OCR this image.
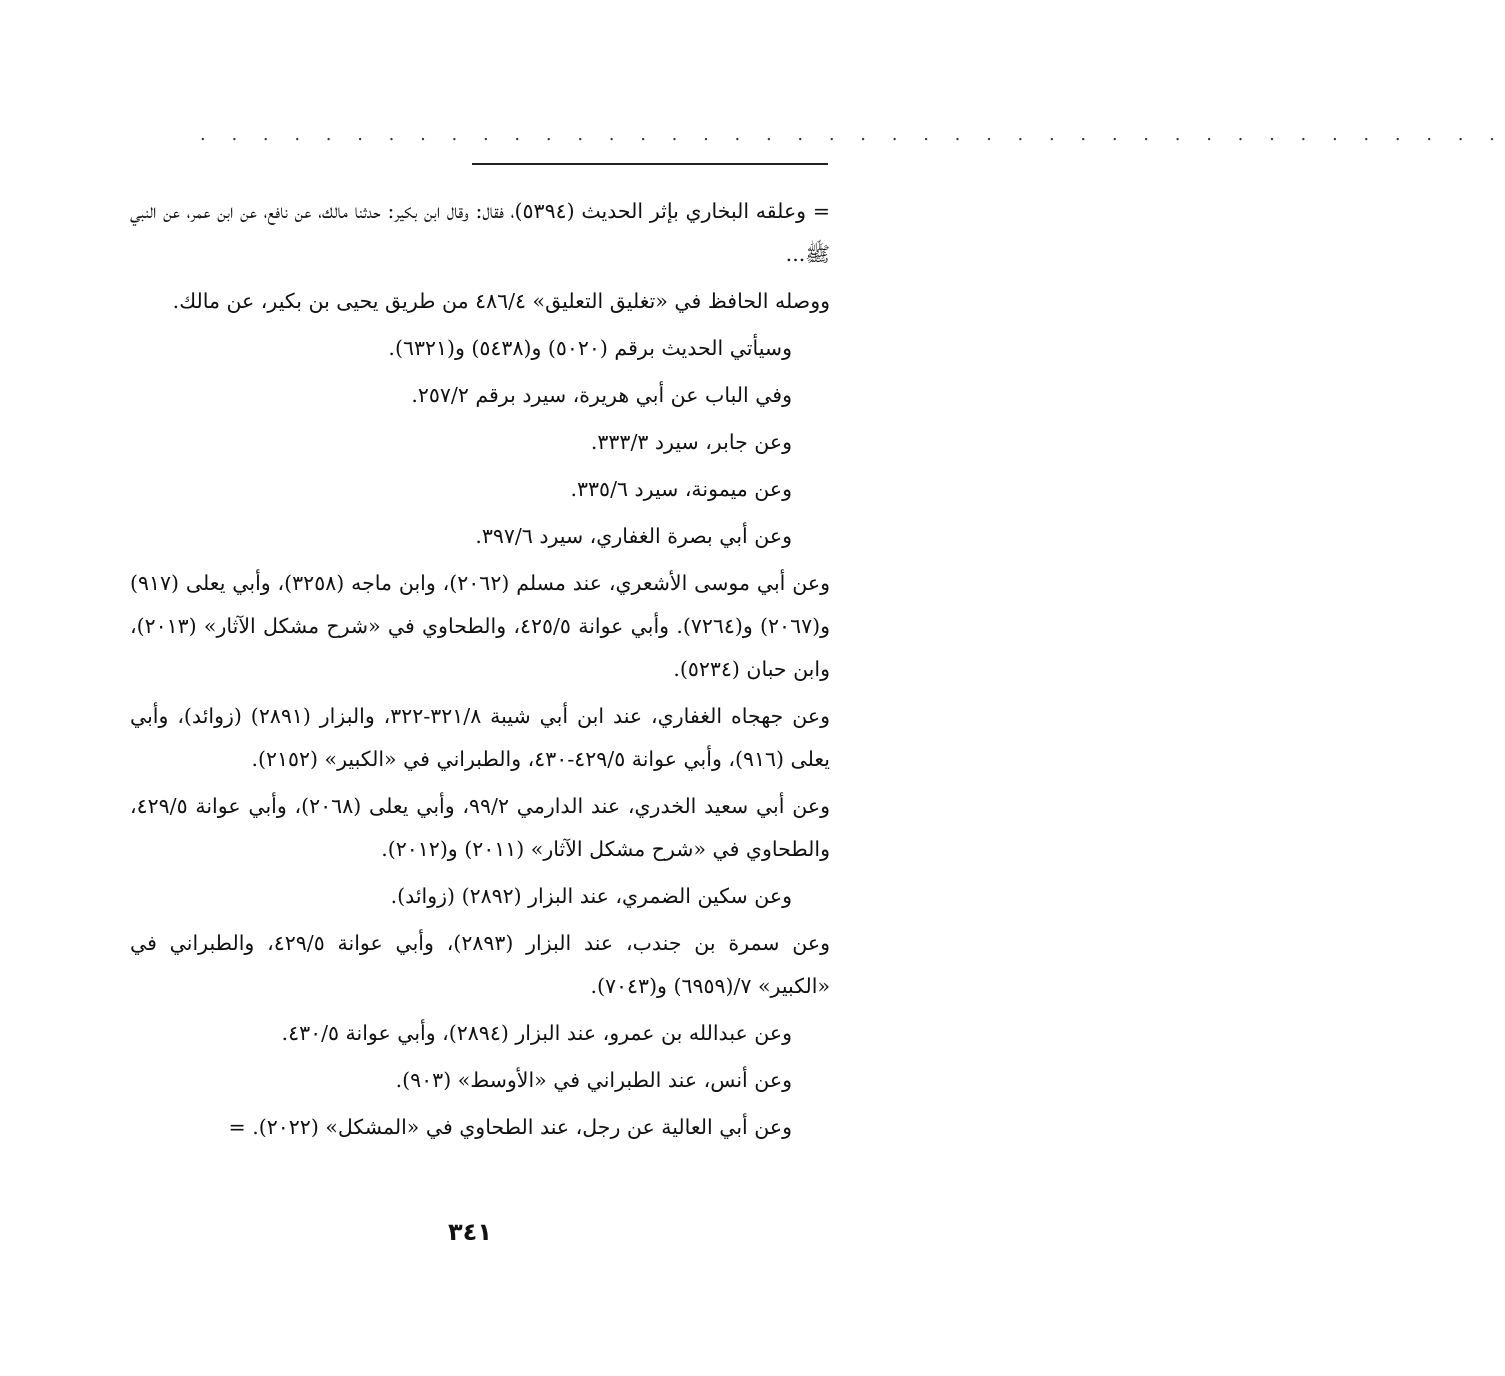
. . . . . . . . . . . . . . . . . . . . . . . . . . . . . . . . . . . . . . . . . .

= وعلقه البخاري بإثر الحديث (٥٣٩٤)، فقال: وقال ابن بكير: حدثنا مالك، عن نافع، عن ابن عمر، عن النبي ﷺ...

ووصله الحافظ في «تغليق التعليق» ٤٨٦/٤ من طريق يحيى بن بكير، عن مالك.

وسيأتي الحديث برقم (٥٠٢٠) و(٥٤٣٨) و(٦٣٢١).

وفي الباب عن أبي هريرة، سيرد برقم ٢٥٧/٢.

وعن جابر، سيرد ٣٣٣/٣.

وعن ميمونة، سيرد ٣٣٥/٦.

وعن أبي بصرة الغفاري، سيرد ٣٩٧/٦.

وعن أبي موسى الأشعري، عند مسلم (٢٠٦٢)، وابن ماجه (٣٢٥٨)، وأبي يعلى (٩١٧) و(٢٠٦٧) و(٧٢٦٤). وأبي عوانة ٤٢٥/٥، والطحاوي في «شرح مشكل الآثار» (٢٠١٣)، وابن حبان (٥٢٣٤).

وعن جهجاه الغفاري، عند ابن أبي شيبة ٣٢١/٨-٣٢٢، والبزار (٢٨٩١) (زوائد)، وأبي يعلى (٩١٦)، وأبي عوانة ٤٢٩/٥-٤٣٠، والطبراني في «الكبير» (٢١٥٢).

وعن أبي سعيد الخدري، عند الدارمي ٩٩/٢، وأبي يعلى (٢٠٦٨)، وأبي عوانة ٤٢٩/٥، والطحاوي في «شرح مشكل الآثار» (٢٠١١) و(٢٠١٢).

وعن سكين الضمري، عند البزار (٢٨٩٢) (زوائد).

وعن سمرة بن جندب، عند البزار (٢٨٩٣)، وأبي عوانة ٤٢٩/٥، والطبراني في «الكبير» ٧/(٦٩٥٩) و(٧٠٤٣).

وعن عبدالله بن عمرو، عند البزار (٢٨٩٤)، وأبي عوانة ٤٣٠/٥.

وعن أنس، عند الطبراني في «الأوسط» (٩٠٣).

وعن أبي العالية عن رجل، عند الطحاوي في «المشكل» (٢٠٢٢). =

٣٤١
